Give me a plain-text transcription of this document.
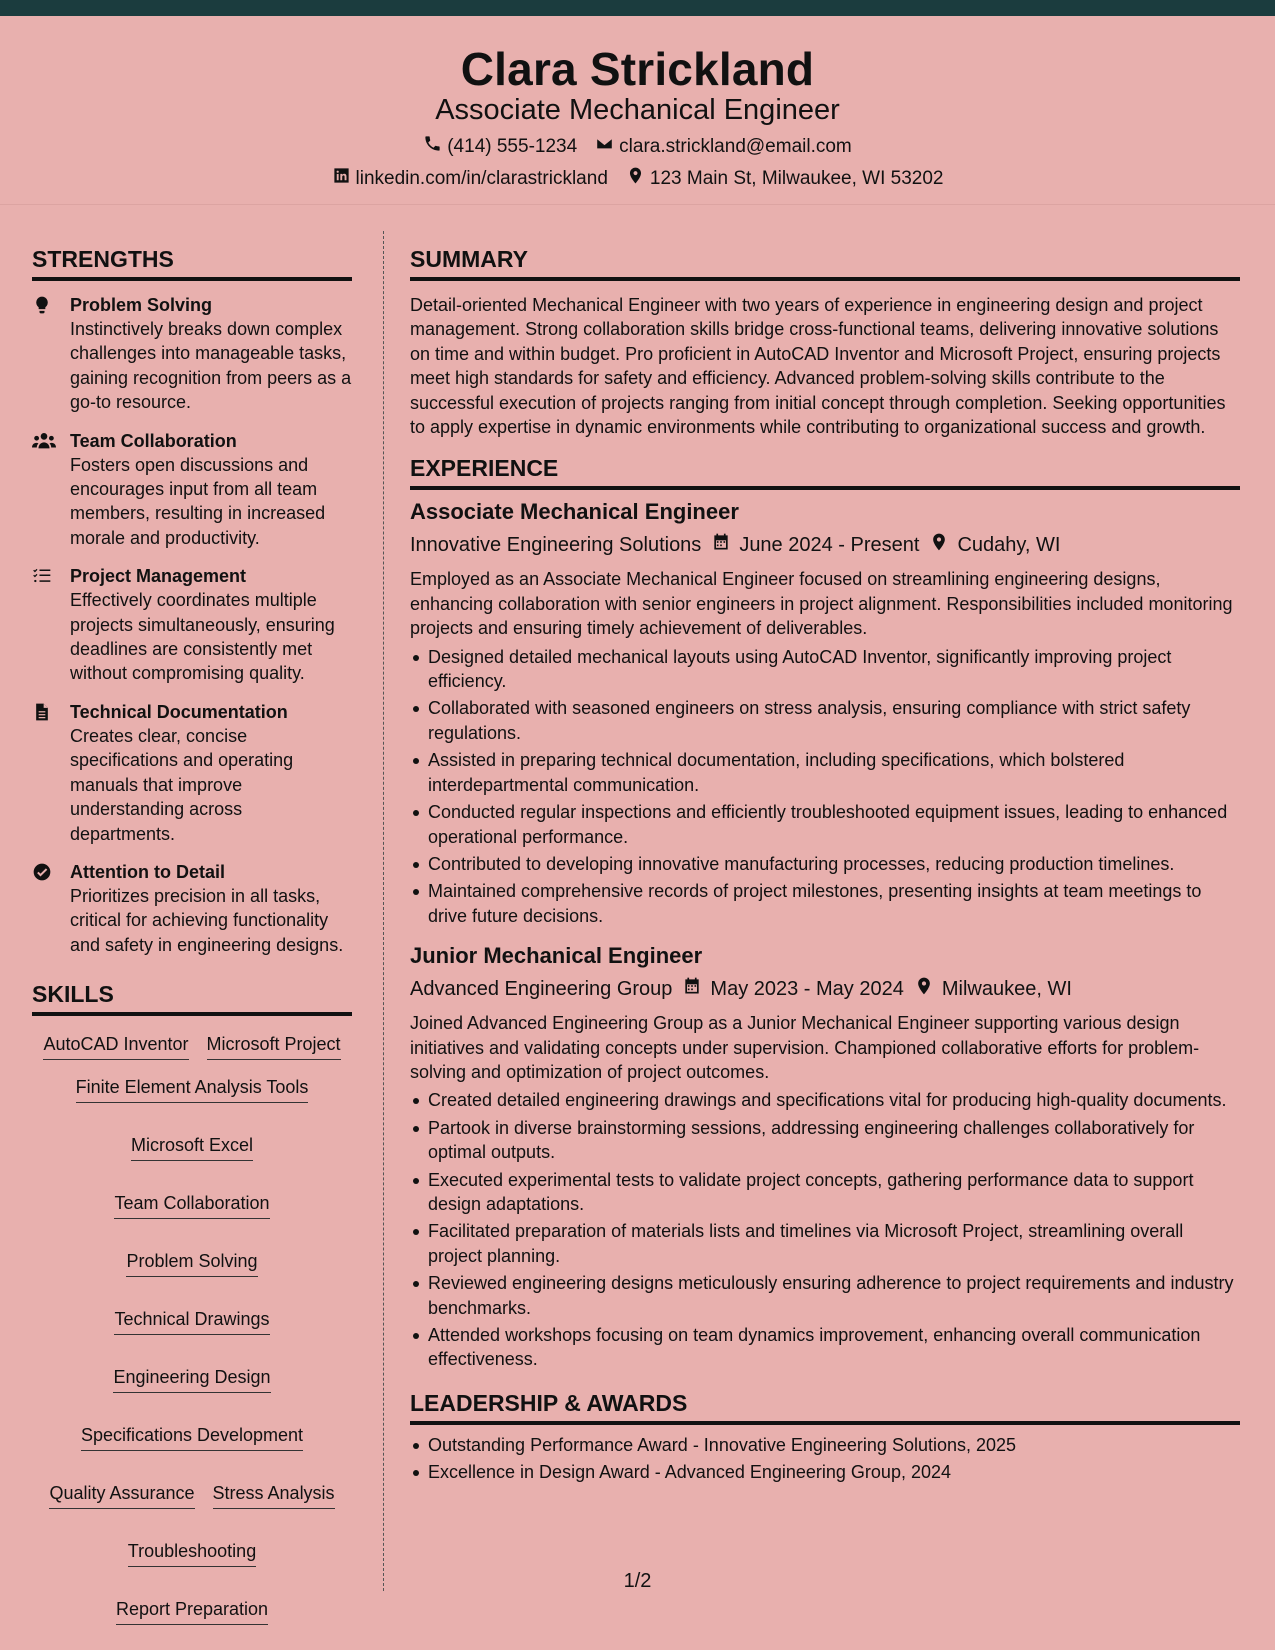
Clara Strickland
Associate Mechanical Engineer
(414) 555-1234 clara.strickland@email.com
linkedin.com/in/clarastrickland 123 Main St, Milwaukee, WI 53202
STRENGTHS
Problem Solving
Instinctively breaks down complex challenges into manageable tasks, gaining recognition from peers as a go-to resource.
Team Collaboration
Fosters open discussions and encourages input from all team members, resulting in increased morale and productivity.
Project Management
Effectively coordinates multiple projects simultaneously, ensuring deadlines are consistently met without compromising quality.
Technical Documentation
Creates clear, concise specifications and operating manuals that improve understanding across departments.
Attention to Detail
Prioritizes precision in all tasks, critical for achieving functionality and safety in engineering designs.
SKILLS
AutoCAD Inventor Microsoft Project
Finite Element Analysis Tools
Microsoft Excel
Team Collaboration
Problem Solving
Technical Drawings
Engineering Design
Specifications Development
Quality Assurance Stress Analysis
Troubleshooting
Report Preparation
SUMMARY
Detail-oriented Mechanical Engineer with two years of experience in engineering design and project management. Strong collaboration skills bridge cross-functional teams, delivering innovative solutions on time and within budget. Pro proficient in AutoCAD Inventor and Microsoft Project, ensuring projects meet high standards for safety and efficiency. Advanced problem-solving skills contribute to the successful execution of projects ranging from initial concept through completion. Seeking opportunities to apply expertise in dynamic environments while contributing to organizational success and growth.
EXPERIENCE
Associate Mechanical Engineer
Innovative Engineering Solutions June 2024 - Present Cudahy, WI
Employed as an Associate Mechanical Engineer focused on streamlining engineering designs, enhancing collaboration with senior engineers in project alignment. Responsibilities included monitoring projects and ensuring timely achievement of deliverables.
Designed detailed mechanical layouts using AutoCAD Inventor, significantly improving project efficiency.
Collaborated with seasoned engineers on stress analysis, ensuring compliance with strict safety regulations.
Assisted in preparing technical documentation, including specifications, which bolstered interdepartmental communication.
Conducted regular inspections and efficiently troubleshooted equipment issues, leading to enhanced operational performance.
Contributed to developing innovative manufacturing processes, reducing production timelines.
Maintained comprehensive records of project milestones, presenting insights at team meetings to drive future decisions.
Junior Mechanical Engineer
Advanced Engineering Group May 2023 - May 2024 Milwaukee, WI
Joined Advanced Engineering Group as a Junior Mechanical Engineer supporting various design initiatives and validating concepts under supervision. Championed collaborative efforts for problem-solving and optimization of project outcomes.
Created detailed engineering drawings and specifications vital for producing high-quality documents.
Partook in diverse brainstorming sessions, addressing engineering challenges collaboratively for optimal outputs.
Executed experimental tests to validate project concepts, gathering performance data to support design adaptations.
Facilitated preparation of materials lists and timelines via Microsoft Project, streamlining overall project planning.
Reviewed engineering designs meticulously ensuring adherence to project requirements and industry benchmarks.
Attended workshops focusing on team dynamics improvement, enhancing overall communication effectiveness.
LEADERSHIP & AWARDS
Outstanding Performance Award - Innovative Engineering Solutions, 2025
Excellence in Design Award - Advanced Engineering Group, 2024
1/2
